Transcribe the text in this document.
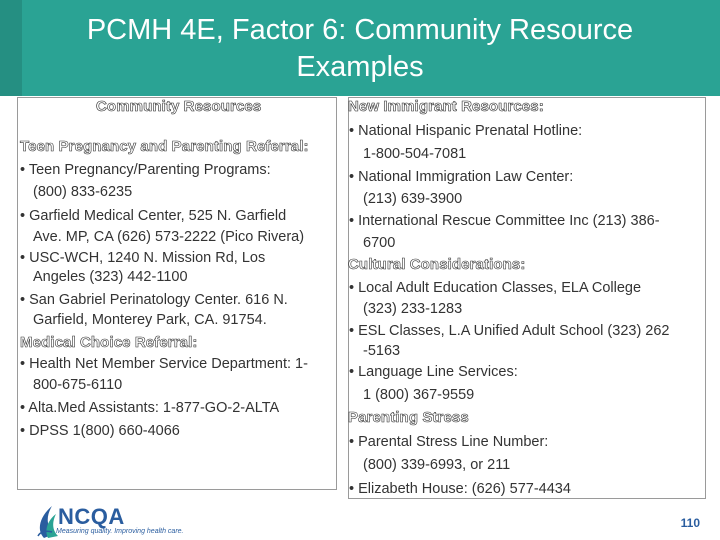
PCMH 4E, Factor 6: Community Resource
Examples
Community Resources
Teen Pregnancy and Parenting Referral:
• Teen Pregnancy/Parenting Programs:
(800) 833-6235
• Garfield Medical Center, 525 N. Garfield
Ave. MP, CA (626) 573-2222 (Pico Rivera)
• USC-WCH, 1240 N. Mission Rd, Los
Angeles (323) 442-1100
• San Gabriel Perinatology Center. 616 N.
Garfield, Monterey Park, CA. 91754.
Medical Choice Referral:
• Health Net Member Service Department: 1-
800-675-6110
• Alta.Med Assistants: 1-877-GO-2-ALTA
• DPSS 1(800) 660-4066
New Immigrant Resources:
• National Hispanic Prenatal Hotline:
1-800-504-7081
• National Immigration Law Center:
(213) 639-3900
• International Rescue Committee Inc (213) 386-
6700
Cultural Considerations:
• Local Adult Education Classes, ELA College
(323) 233-1283
• ESL Classes, L.A Unified Adult School (323) 262
-5163
• Language Line Services:
1 (800) 367-9559
Parenting Stress
• Parental Stress Line Number:
(800) 339-6993, or 211
• Elizabeth House: (626) 577-4434
NCQA
Measuring quality. Improving health care.
110
